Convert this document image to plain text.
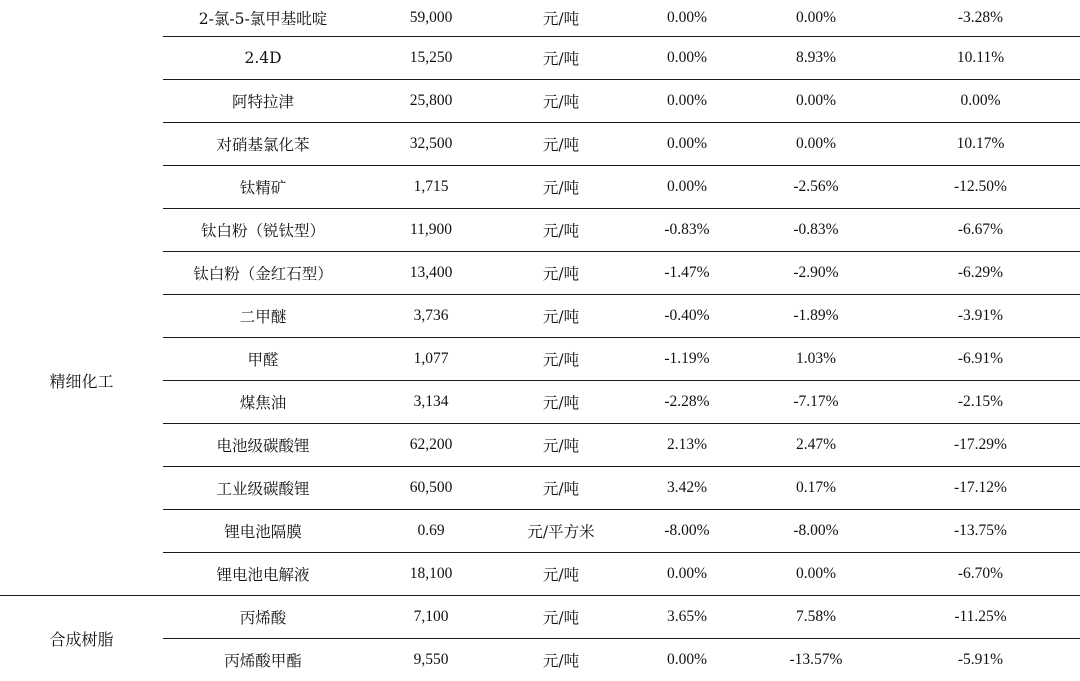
	2-氯-5-氯甲基吡啶	59,000	元/吨	0.00%	0.00%	-3.28%
	2.4D	15,250	元/吨	0.00%	8.93%	10.11%
	阿特拉津	25,800	元/吨	0.00%	0.00%	0.00%
	对硝基氯化苯	32,500	元/吨	0.00%	0.00%	10.17%
精细化工	钛精矿	1,715	元/吨	0.00%	-2.56%	-12.50%
	钛白粉（锐钛型）	11,900	元/吨	-0.83%	-0.83%	-6.67%
	钛白粉（金红石型）	13,400	元/吨	-1.47%	-2.90%	-6.29%
	二甲醚	3,736	元/吨	-0.40%	-1.89%	-3.91%
	甲醛	1,077	元/吨	-1.19%	1.03%	-6.91%
	煤焦油	3,134	元/吨	-2.28%	-7.17%	-2.15%
	电池级碳酸锂	62,200	元/吨	2.13%	2.47%	-17.29%
	工业级碳酸锂	60,500	元/吨	3.42%	0.17%	-17.12%
	锂电池隔膜	0.69	元/平方米	-8.00%	-8.00%	-13.75%
	锂电池电解液	18,100	元/吨	0.00%	0.00%	-6.70%
合成树脂	丙烯酸	7,100	元/吨	3.65%	7.58%	-11.25%
	丙烯酸甲酯	9,550	元/吨	0.00%	-13.57%	-5.91%
